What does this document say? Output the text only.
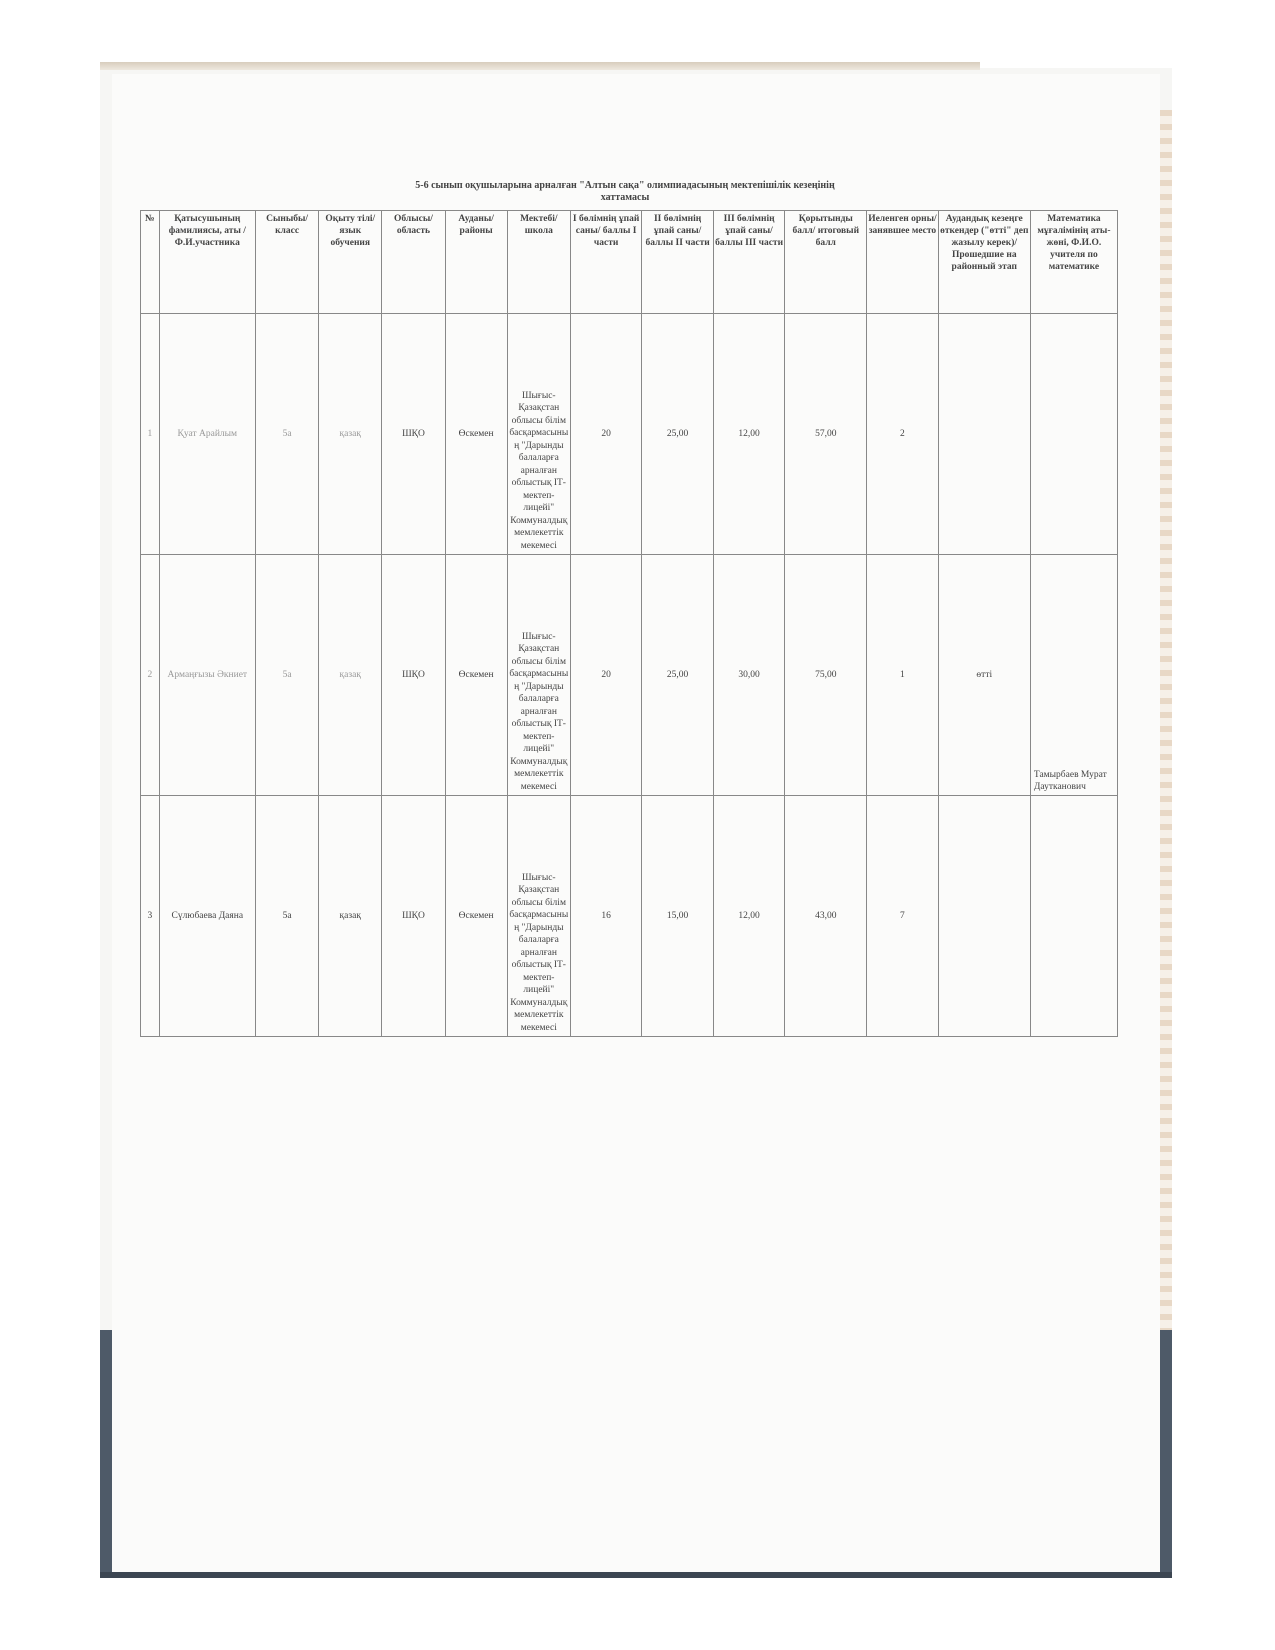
5-6 сынып оқушыларына арналған "Алтын сақа" олимпиадасының мектепішілік кезеңінің
хаттамасы
№	Қатысушының фамилиясы, аты /Ф.И.участника	Сыныбы/класс	Оқыту тілі/ язык обучения	Облысы/ область	Ауданы/ районы	Мектебі/ школа	І бөлімнің ұпай саны/ баллы І части	ІІ бөлімнің ұпай саны/ баллы ІІ части	ІІІ бөлімнің ұпай саны/ баллы ІІІ части	Қорытынды балл/ итоговый балл	Иеленген орны/ занявшее место	Аудандық кезеңге өткендер ("өтті" деп жазылу керек)/ Прошедшие на районный этап	Математика мұғалімінің аты-жөні, Ф.И.О. учителя по математике
1	Қуат Арайлым	5а	қазақ	ШҚО	Өскемен	Шығыс-Қазақстан облысы білім басқармасының "Дарынды балаларға арналған облыстық ІТ-мектеп-лицейі" Коммуналдық мемлекеттік мекемесі	20	25,00	12,00	57,00	2		
2	Армаңғызы Әкниет	5а	қазақ	ШҚО	Өскемен	Шығыс-Қазақстан облысы білім басқармасының "Дарынды балаларға арналған облыстық ІТ-мектеп-лицейі" Коммуналдық мемлекеттік мекемесі	20	25,00	30,00	75,00	1	өтті	Тамырбаев Мурат Даутканович
3	Сүлюбаева Даяна	5а	қазақ	ШҚО	Өскемен	Шығыс-Қазақстан облысы білім басқармасының "Дарынды балаларға арналған облыстық ІТ-мектеп-лицейі" Коммуналдық мемлекеттік мекемесі	16	15,00	12,00	43,00	7		
